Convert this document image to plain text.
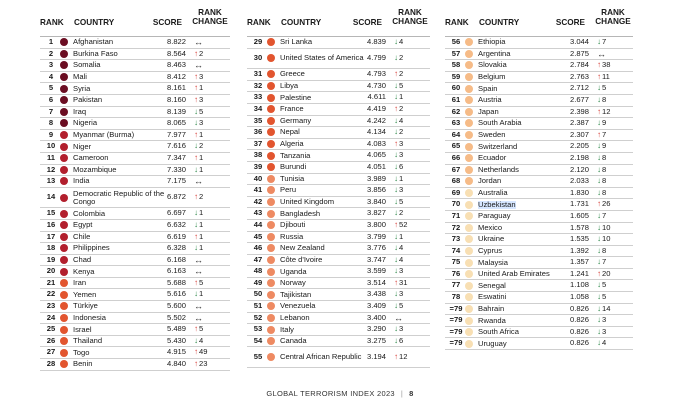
RANK COUNTRY	SCORE
RANK
CHANGE
1	Afghanistan	8.822 ↔
2	Burkina Faso	8.564 ↑ 2
3	Somalia	8.463 ↔
4	Mali	8.412 ↑ 3
5	Syria	8.161 ↑ 1
6	Pakistan	8.160 ↑ 3
7	Iraq	8.139 ↓ 5
8	Nigeria	8.065 ↓ 3
9	Myanmar (Burma)	7.977 ↑ 1
10	Niger	7.616 ↓ 2
11	Cameroon	7.347 ↑ 1
12	Mozambique	7.330 ↓ 1
13	India	7.175 ↔
14	Democratic Republic of the Congo	6.872 ↑ 2
15	Colombia	6.697 ↓ 1
16	Egypt	6.632 ↓ 1
17	Chile	6.619 ↑ 1
18	Philippines	6.328 ↓ 1
19	Chad	6.168 ↔
20	Kenya	6.163 ↔
21	Iran	5.688 ↑ 5
22	Yemen	5.616 ↓ 1
23	Türkiye	5.600 ↔
24	Indonesia	5.502 ↔
25	Israel	5.489 ↑ 5
26	Thailand	5.430 ↓ 4
27	Togo	4.915 ↑ 49
28	Benin	4.840 ↑ 23
RANK COUNTRY	SCORE
RANK
CHANGE
29	Sri Lanka	4.839 ↓ 4
30	United States of America 4.799 ↓ 2
31	Greece	4.793 ↑ 2
32	Libya	4.730 ↓ 5
33	Palestine	4.611 ↓ 1
34	France	4.419 ↑ 2
35	Germany	4.242 ↓ 4
36	Nepal	4.134 ↓ 2
37	Algeria	4.083 ↑ 3
38	Tanzania	4.065 ↓ 3
39	Burundi	4.051 ↓ 6
40	Tunisia	3.989 ↓ 1
41	Peru	3.856 ↓ 3
42	United Kingdom	3.840 ↓ 5
43	Bangladesh	3.827 ↓ 2
44	Djibouti	3.800 ↑ 52
45	Russia	3.799 ↓ 1
46	New Zealand	3.776 ↓ 4
47	Côte d'Ivoire	3.747 ↓ 4
48	Uganda	3.599 ↓ 3
49	Norway	3.514 ↑ 31
50	Tajikistan	3.438 ↓ 3
51	Venezuela	3.409 ↓ 5
52	Lebanon	3.400 ↔
53	Italy	3.290 ↓ 3
54	Canada	3.275 ↓ 6
55	Central African Republic 3.194 ↑ 12
RANK COUNTRY	SCORE
RANK
CHANGE
56	Ethiopia	3.044 ↓ 7
57	Argentina	2.875 ↔
58	Slovakia	2.784 ↑ 38
59	Belgium	2.763 ↑ 11
60	Spain	2.712 ↓ 5
61	Austria	2.677 ↓ 8
62	Japan	2.398 ↑ 12
63	South Arabia	2.387 ↓ 9
64	Sweden	2.307 ↑ 7
65	Switzerland	2.205 ↓ 9
66	Ecuador	2.198 ↓ 8
67	Netherlands	2.120 ↓ 8
68	Jordan	2.033 ↓ 8
69	Australia	1.830 ↓ 8
70	Uzbekistan	1.731 ↑ 26
71	Paraguay	1.605 ↓ 7
72	Mexico	1.578 ↓ 10
73	Ukraine	1.535 ↓ 10
74	Cyprus	1.392 ↓ 8
75	Malaysia	1.357 ↓ 7
76	United Arab Emirates	1.241 ↑ 20
77	Senegal	1.108 ↓ 5
78	Eswatini	1.058 ↓ 5
=79	Bahrain	0.826 ↓ 14
=79	Rwanda	0.826 ↓ 3
=79	South Africa	0.826 ↓ 3
=79	Uruguay	0.826 ↓ 4
GLOBAL TERRORISM INDEX 2023 | 8
